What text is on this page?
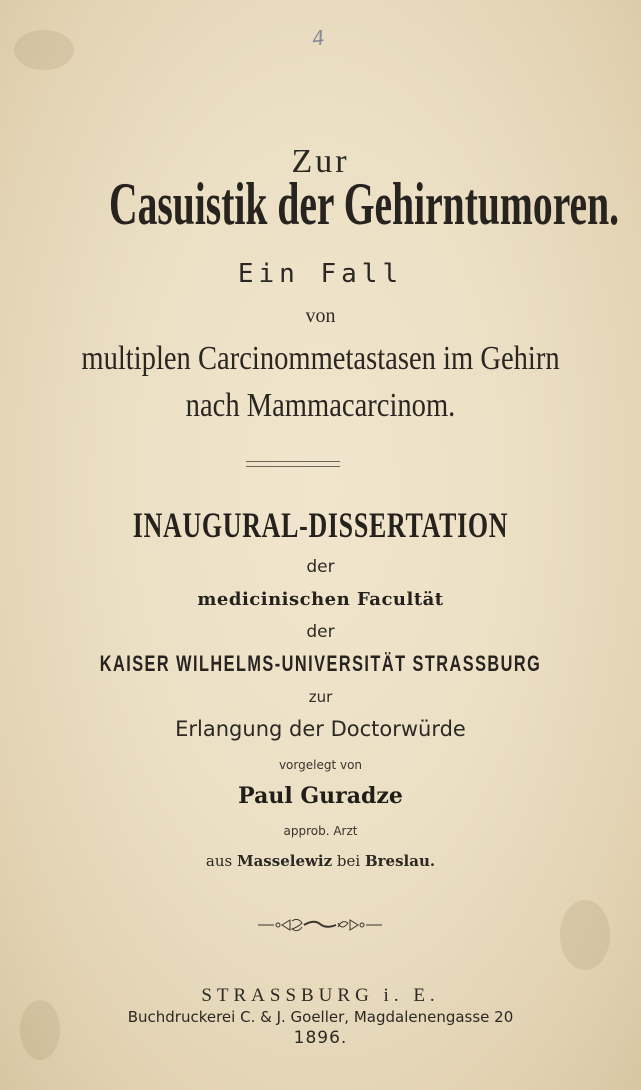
4
Zur
Casuistik der Gehirntumoren.
Ein Fall
von
multiplen Carcinommetastasen im Gehirn
nach Mammacarcinom.
INAUGURAL-DISSERTATION
der
medicinischen Facultät
der
KAISER WILHELMS-UNIVERSITÄT STRASSBURG
zur
Erlangung der Doctorwürde
vorgelegt von
Paul Guradze
approb. Arzt
aus Masselewiz bei Breslau.
STRASSBURG i. E.
Buchdruckerei C. & J. Goeller, Magdalenengasse 20
1896.
